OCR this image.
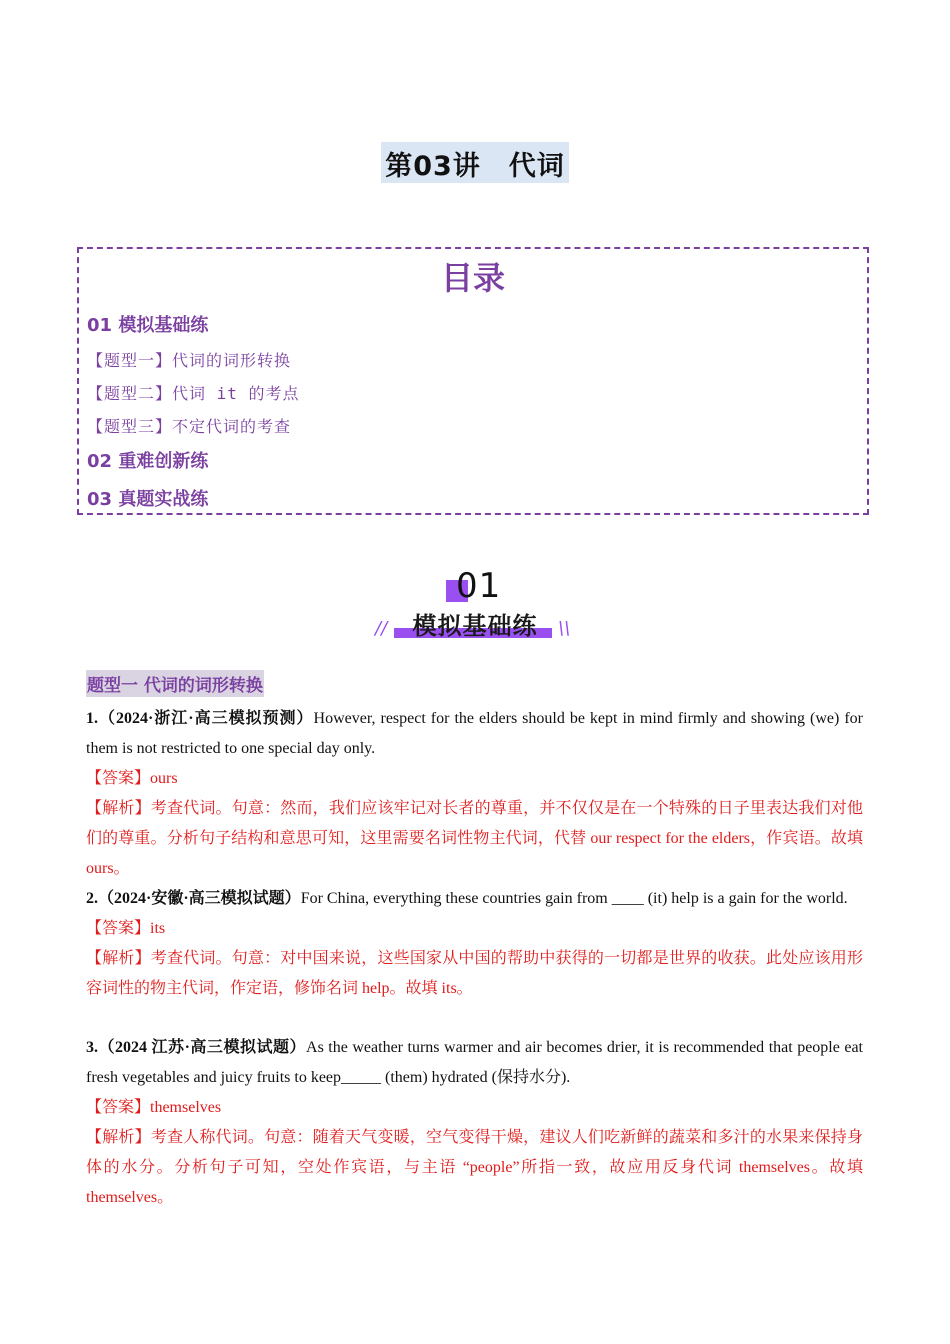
第03讲　代词
目录
01 模拟基础练
【题型一】代词的词形转换
【题型二】代词 it 的考点
【题型三】不定代词的考查
02 重难创新练
03 真题实战练
01
//	模拟基础练	\\
题型一 代词的词形转换
1.（2024·浙江·高三模拟预测）However, respect for the elders should be kept in mind firmly and showing (we) for them is not restricted to one special day only.
【答案】ours
【解析】考查代词。句意：然而，我们应该牢记对长者的尊重，并不仅仅是在一个特殊的日子里表达我们对他们的尊重。分析句子结构和意思可知，这里需要名词性物主代词，代替 our respect for the elders，作宾语。故填 ours。
2.（2024·安徽·高三模拟试题）For China, everything these countries gain from ____ (it) help is a gain for the world.
【答案】its
【解析】考查代词。句意：对中国来说，这些国家从中国的帮助中获得的一切都是世界的收获。此处应该用形容词性的物主代词，作定语，修饰名词 help。故填 its。
3.（2024 江苏·高三模拟试题）As the weather turns warmer and air becomes drier, it is recommended that people eat fresh vegetables and juicy fruits to keep_____ (them) hydrated (保持水分).
【答案】themselves
【解析】考查人称代词。句意：随着天气变暖，空气变得干燥，建议人们吃新鲜的蔬菜和多汁的水果来保持身体的水分。分析句子可知，空处作宾语，与主语 “people”所指一致，故应用反身代词 themselves。故填 themselves。
